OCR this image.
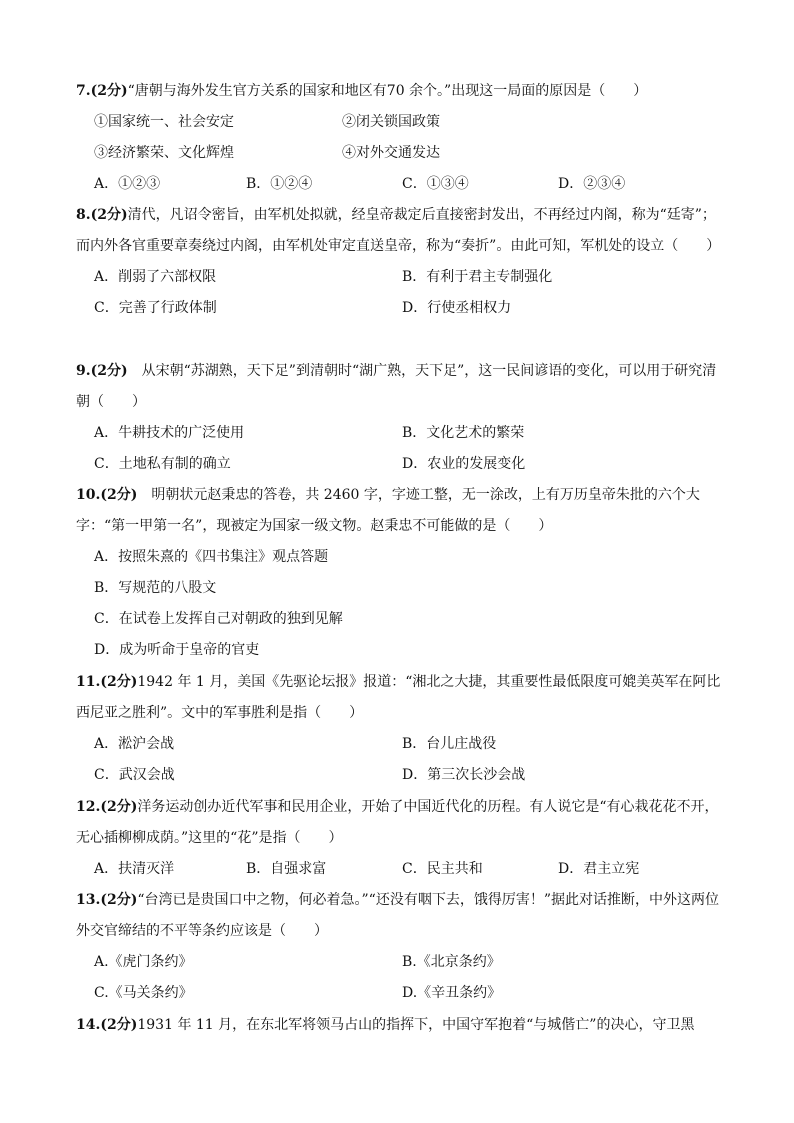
7.(2分)“唐朝与海外发生官方关系的国家和地区有70 余个。”出现这一局面的原因是（　　）
①国家统一、社会安定	②闭关锁国政策
③经济繁荣、文化辉煌	④对外交通发达
A．①②③	B．①②④	C．①③④	D．②③④
8.(2分)清代，凡诏令密旨，由军机处拟就，经皇帝裁定后直接密封发出，不再经过内阁，称为“廷寄”；而内外各官重要章奏绕过内阁，由军机处审定直送皇帝，称为“奏折”。由此可知，军机处的设立（　　）
A．削弱了六部权限	B．有利于君主专制强化
C．完善了行政体制	D．行使丞相权力
9.(2分)　从宋朝“苏湖熟，天下足”到清朝时“湖广熟，天下足”，这一民间谚语的变化，可以用于研究清朝（　　）
A．牛耕技术的广泛使用	B．文化艺术的繁荣
C．土地私有制的确立	D．农业的发展变化
10.(2分)　明朝状元赵秉忠的答卷，共 2460 字，字迹工整，无一涂改，上有万历皇帝朱批的六个大字：“第一甲第一名”，现被定为国家一级文物。赵秉忠不可能做的是（　　）
A．按照朱熹的《四书集注》观点答题
B．写规范的八股文
C．在试卷上发挥自己对朝政的独到见解
D．成为听命于皇帝的官吏
11.(2分)1942 年 1 月，美国《先驱论坛报》报道：“湘北之大捷，其重要性最低限度可媲美英军在阿比西尼亚之胜利”。文中的军事胜利是指（　　）
A．淞沪会战	B．台儿庄战役
C．武汉会战	D．第三次长沙会战
12.(2分)洋务运动创办近代军事和民用企业，开始了中国近代化的历程。有人说它是“有心栽花花不开，无心插柳柳成荫。”这里的“花”是指（　　）
A．扶清灭洋	B．自强求富	C．民主共和	D．君主立宪
13.(2分)“台湾已是贵国口中之物，何必着急。”“还没有咽下去，饿得厉害！”据此对话推断，中外这两位外交官缔结的不平等条约应该是（　　）
A.《虎门条约》	B.《北京条约》
C.《马关条约》	D.《辛丑条约》
14.(2分)1931 年 11 月，在东北军将领马占山的指挥下，中国守军抱着“与城偕亡”的决心，守卫黑
